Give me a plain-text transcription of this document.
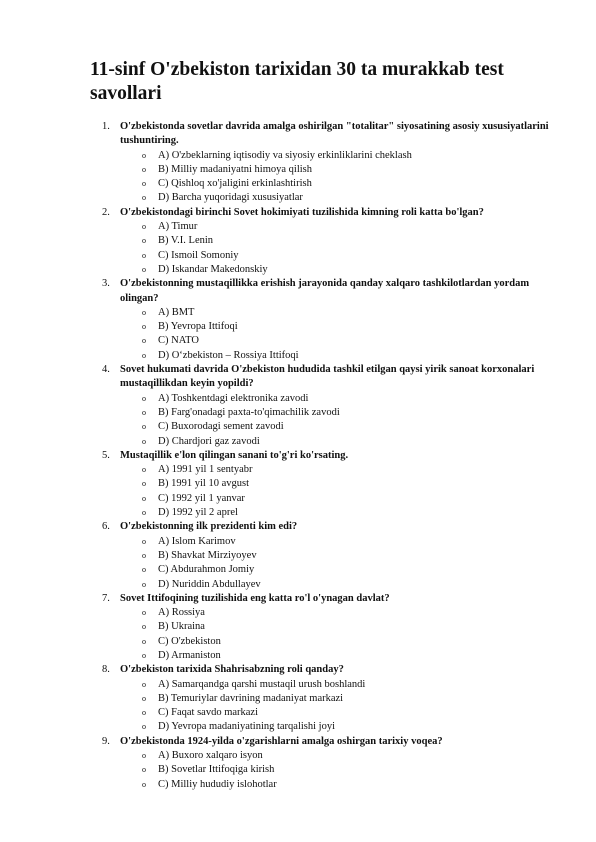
11-sinf O'zbekiston tarixidan 30 ta murakkab test savollari
1. O'zbekistonda sovetlar davrida amalga oshirilgan "totalitar" siyosatining asosiy xususiyatlarini tushuntiring.
o A) O'zbeklarning iqtisodiy va siyosiy erkinliklarini cheklash
o B) Milliy madaniyatni himoya qilish
o C) Qishloq xo'jaligini erkinlashtirish
o D) Barcha yuqoridagi xususiyatlar
2. O'zbekistondagi birinchi Sovet hokimiyati tuzilishida kimning roli katta bo'lgan?
o A) Timur
o B) V.I. Lenin
o C) Ismoil Somoniy
o D) Iskandar Makedonskiy
3. O'zbekistonning mustaqillikka erishish jarayonida qanday xalqaro tashkilotlardan yordam olingan?
o A) BMT
o B) Yevropa Ittifoqi
o C) NATO
o D) O‘zbekiston – Rossiya Ittifoqi
4. Sovet hukumati davrida O'zbekiston hududida tashkil etilgan qaysi yirik sanoat korxonalari mustaqillikdan keyin yopildi?
o A) Toshkentdagi elektronika zavodi
o B) Farg'onadagi paxta-to'qimachilik zavodi
o C) Buxorodagi sement zavodi
o D) Chardjori gaz zavodi
5. Mustaqillik e'lon qilingan sanani to'g'ri ko'rsating.
o A) 1991 yil 1 sentyabr
o B) 1991 yil 10 avgust
o C) 1992 yil 1 yanvar
o D) 1992 yil 2 aprel
6. O'zbekistonning ilk prezidenti kim edi?
o A) Islom Karimov
o B) Shavkat Mirziyoyev
o C) Abdurahmon Jomiy
o D) Nuriddin Abdullayev
7. Sovet Ittifoqining tuzilishida eng katta ro'l o'ynagan davlat?
o A) Rossiya
o B) Ukraina
o C) O'zbekiston
o D) Armaniston
8. O'zbekiston tarixida Shahrisabzning roli qanday?
o A) Samarqandga qarshi mustaqil urush boshlandi
o B) Temuriylar davrining madaniyat markazi
o C) Faqat savdo markazi
o D) Yevropa madaniyatining tarqalishi joyi
9. O'zbekistonda 1924-yilda o'zgarishlarni amalga oshirgan tarixiy voqea?
o A) Buxoro xalqaro isyon
o B) Sovetlar Ittifoqiga kirish
o C) Milliy hududiy islohotlar
